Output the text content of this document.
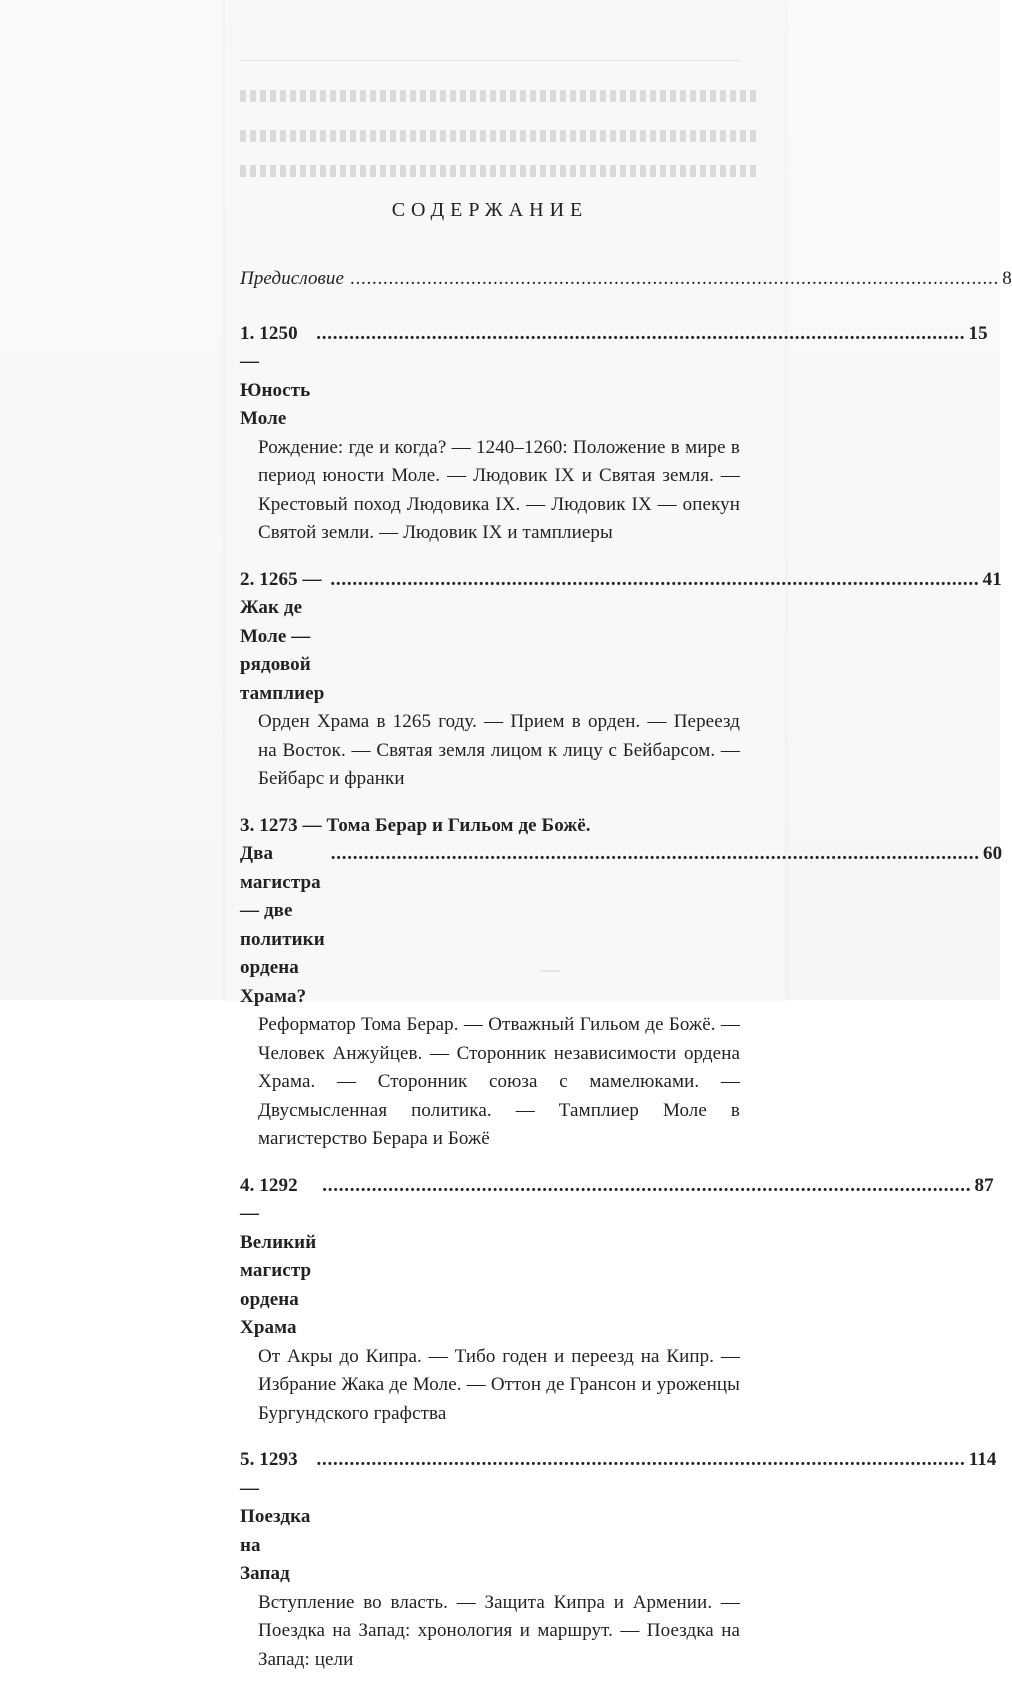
СОДЕРЖАНИЕ
Предисловие
. . .	8
1. 1250 — Юность Моле
. . .
15
Рождение: где и когда? — 1240–1260: Положение в мире в период юности Моле. — Людовик IX и Святая земля. — Крестовый поход Людовика IX. — Людовик IX — опекун Святой земли. — Людовик IX и тамплиеры
2. 1265 — Жак де Моле — рядовой тамплиер
. . .
41
Орден Храма в 1265 году. — Прием в орден. — Переезд на Восток. — Святая земля лицом к лицу с Бейбарсом. — Бейбарс и франки
3. 1273 — Тома Берар и Гильом де Божё.
Два магистра — две политики ордена Храма?
. . .
60
Реформатор Тома Берар. — Отважный Гильом де Божё. — Человек Анжуйцев. — Сторонник независимости ордена Храма. — Сторонник союза с мамелюками. — Двусмысленная политика. — Тамплиер Моле в магистерство Берара и Божё
4. 1292 — Великий магистр ордена Храма
. . .
87
От Акры до Кипра. — Тибо годен и переезд на Кипр. — Избрание Жака де Моле. — Оттон де Грансон и уроженцы Бургундского графства
5. 1293 — Поездка на Запад
. . .
114
Вступление во власть. — Защита Кипра и Армении. — Поездка на Запад: хронология и маршрут. — Поездка на Запад: цели
